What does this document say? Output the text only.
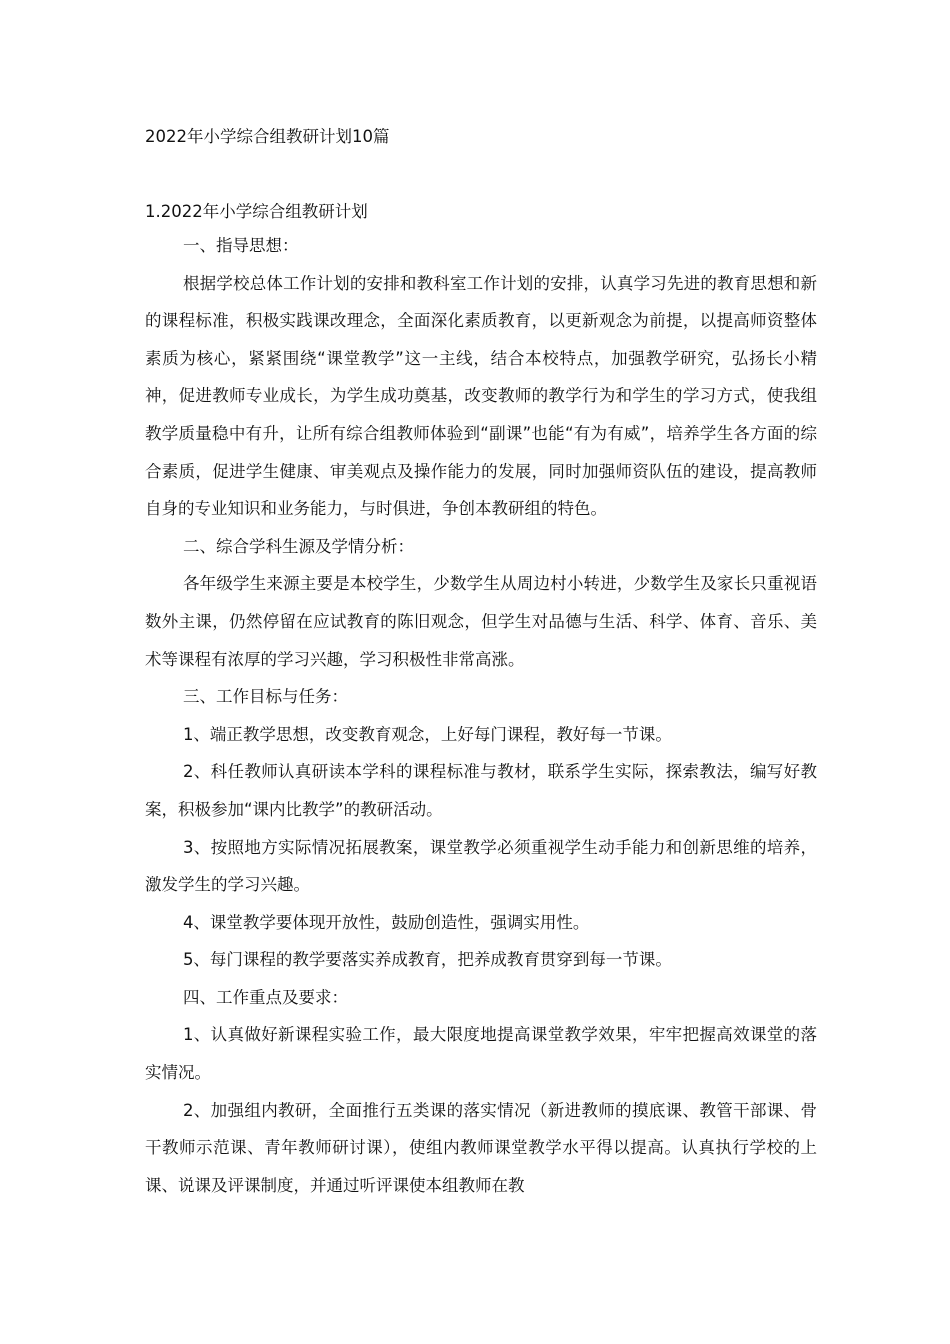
2022年小学综合组教研计划10篇
1.2022年小学综合组教研计划

一、指导思想：

根据学校总体工作计划的安排和教科室工作计划的安排，认真学习先进的教育思想和新的课程标准，积极实践课改理念，全面深化素质教育，以更新观念为前提，以提高师资整体素质为核心，紧紧围绕“课堂教学”这一主线，结合本校特点，加强教学研究，弘扬长小精神，促进教师专业成长，为学生成功奠基，改变教师的教学行为和学生的学习方式，使我组教学质量稳中有升，让所有综合组教师体验到“副课”也能“有为有威”，培养学生各方面的综合素质，促进学生健康、审美观点及操作能力的发展，同时加强师资队伍的建设，提高教师自身的专业知识和业务能力，与时俱进，争创本教研组的特色。

二、综合学科生源及学情分析：

各年级学生来源主要是本校学生，少数学生从周边村小转进，少数学生及家长只重视语数外主课，仍然停留在应试教育的陈旧观念，但学生对品德与生活、科学、体育、音乐、美术等课程有浓厚的学习兴趣，学习积极性非常高涨。

三、工作目标与任务：

1、端正教学思想，改变教育观念，上好每门课程，教好每一节课。

2、科任教师认真研读本学科的课程标准与教材，联系学生实际，探索教法，编写好教案，积极参加“课内比教学”的教研活动。

3、按照地方实际情况拓展教案，课堂教学必须重视学生动手能力和创新思维的培养，激发学生的学习兴趣。

4、课堂教学要体现开放性，鼓励创造性，强调实用性。

5、每门课程的教学要落实养成教育，把养成教育贯穿到每一节课。

四、工作重点及要求：

1、认真做好新课程实验工作，最大限度地提高课堂教学效果，牢牢把握高效课堂的落实情况。

2、加强组内教研，全面推行五类课的落实情况（新进教师的摸底课、教管干部课、骨干教师示范课、青年教师研讨课），使组内教师课堂教学水平得以提高。认真执行学校的上课、说课及评课制度，并通过听评课使本组教师在教
